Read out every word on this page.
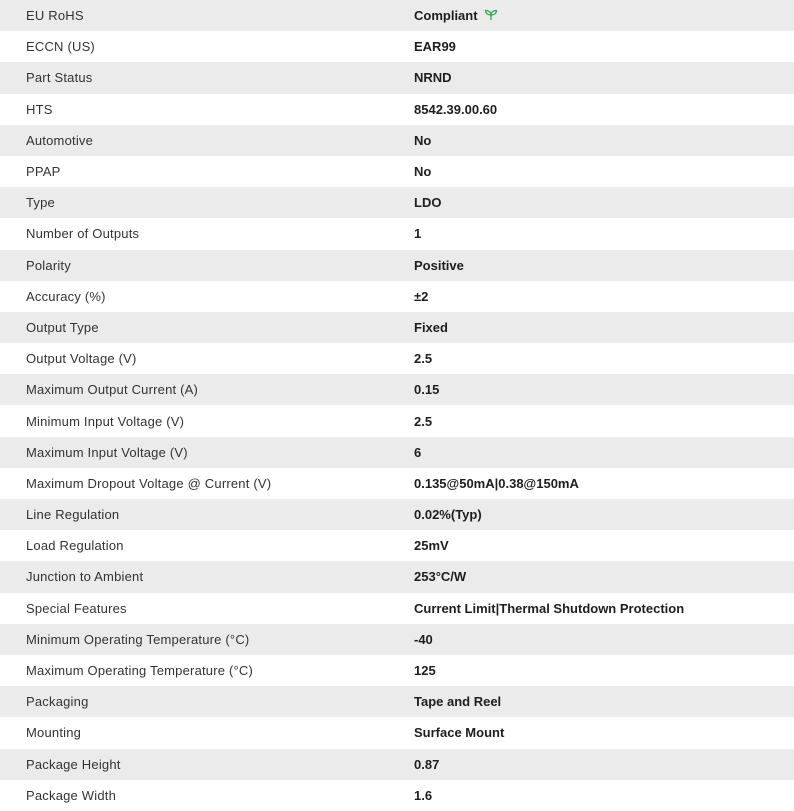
EU RoHS	Compliant
ECCN (US)	EAR99
Part Status	NRND
HTS	8542.39.00.60
Automotive	No
PPAP	No
Type	LDO
Number of Outputs	1
Polarity	Positive
Accuracy (%)	±2
Output Type	Fixed
Output Voltage (V)	2.5
Maximum Output Current (A)	0.15
Minimum Input Voltage (V)	2.5
Maximum Input Voltage (V)	6
Maximum Dropout Voltage @ Current (V)	0.135@50mA|0.38@150mA
Line Regulation	0.02%(Typ)
Load Regulation	25mV
Junction to Ambient	253°C/W
Special Features	Current Limit|Thermal Shutdown Protection
Minimum Operating Temperature (°C)	-40
Maximum Operating Temperature (°C)	125
Packaging	Tape and Reel
Mounting	Surface Mount
Package Height	0.87
Package Width	1.6
